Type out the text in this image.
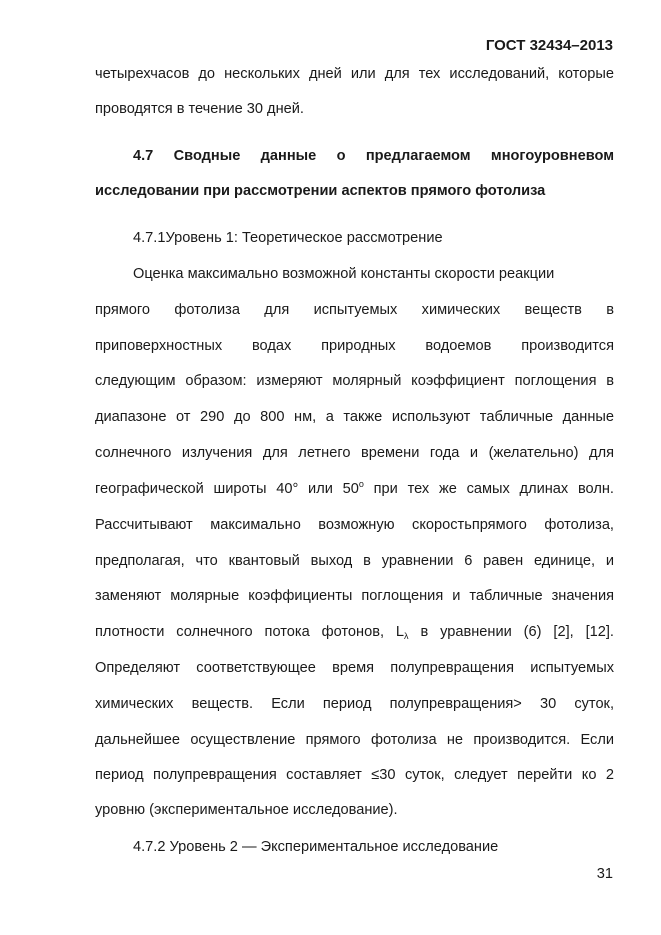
ГОСТ 32434–2013
четырехчасов до нескольких дней или для тех исследований, которые
проводятся в течение 30 дней.
4.7 Сводные данные о предлагаемом многоуровневом
исследовании при рассмотрении аспектов прямого фотолиза
4.7.1Уровень 1: Теоретическое рассмотрение
Оценка максимально возможной константы скорости реакции
прямого фотолиза для испытуемых химических веществ в
приповерхностных водах природных водоемов производится
следующим образом: измеряют молярный коэффициент поглощения в
диапазоне от 290 до 800 нм, а также используют табличные данные
солнечного излучения для летнего времени года и (желательно) для
географической широты 40° или $50^о$ при тех же самых длинах волн.
Рассчитывают максимально возможную скоростьпрямого фотолиза,
предполагая, что квантовый выход в уравнении 6 равен единице, и
заменяют молярные коэффициенты поглощения и табличные значения
плотности солнечного потока фотонов, $L_\lambda$ в уравнении (6) [2], [12].
Определяют соответствующее время полупревращения испытуемых
химических веществ. Если период полупревращения> 30 суток,
дальнейшее осуществление прямого фотолиза не производится. Если
период полупревращения составляет ≤30 суток, следует перейти ко 2
уровню (экспериментальное исследование).
4.7.2 Уровень 2 — Экспериментальное исследование
31
